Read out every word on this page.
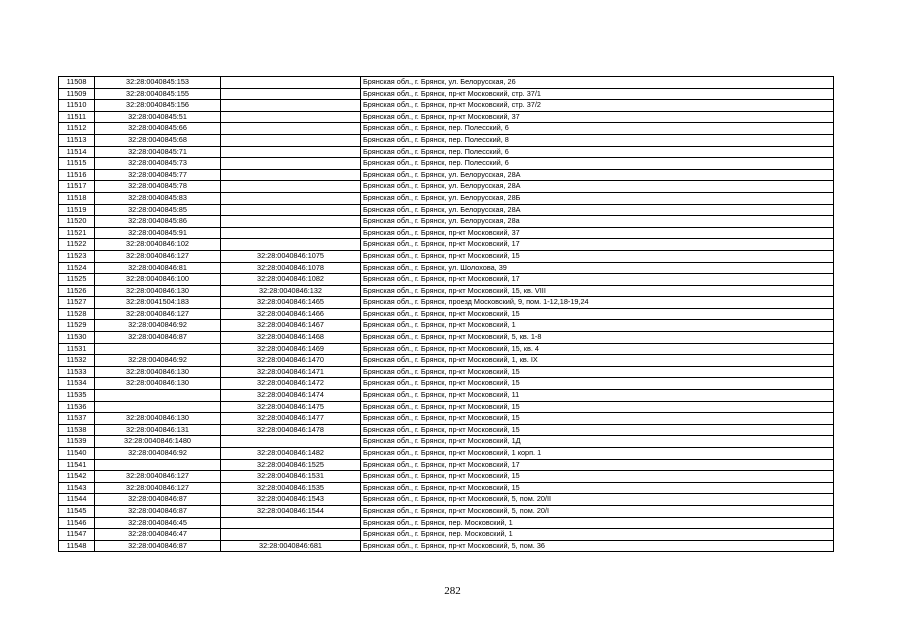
11508	32:28:0040845:153		Брянская обл., г. Брянск, ул. Белорусская, 26
11509	32:28:0040845:155		Брянская обл., г. Брянск, пр-кт Московский, стр. 37/1
11510	32:28:0040845:156		Брянская обл., г. Брянск, пр-кт Московский, стр. 37/2
11511	32:28:0040845:51		Брянская обл., г. Брянск, пр-кт Московский, 37
11512	32:28:0040845:66		Брянская обл., г. Брянск, пер. Полесский, 6
11513	32:28:0040845:68		Брянская обл., г. Брянск, пер. Полесский, 8
11514	32:28:0040845:71		Брянская обл., г. Брянск, пер. Полесский, 6
11515	32:28:0040845:73		Брянская обл., г. Брянск, пер. Полесский, 6
11516	32:28:0040845:77		Брянская обл., г. Брянск, ул. Белорусская, 28А
11517	32:28:0040845:78		Брянская обл., г. Брянск, ул. Белорусская, 28А
11518	32:28:0040845:83		Брянская обл., г. Брянск, ул. Белорусская, 28Б
11519	32:28:0040845:85		Брянская обл., г. Брянск, ул. Белорусская, 28А
11520	32:28:0040845:86		Брянская обл., г. Брянск, ул. Белорусская, 28а
11521	32:28:0040845:91		Брянская обл., г. Брянск, пр-кт Московский, 37
11522	32:28:0040846:102		Брянская обл., г. Брянск, пр-кт Московский, 17
11523	32:28:0040846:127	32:28:0040846:1075	Брянская обл., г. Брянск, пр-кт Московский, 15
11524	32:28:0040846:81	32:28:0040846:1078	Брянская обл., г. Брянск, ул. Шолохова, 39
11525	32:28:0040846:100	32:28:0040846:1082	Брянская обл., г. Брянск, пр-кт Московский, 17
11526	32:28:0040846:130	32:28:0040846:132	Брянская обл., г. Брянск, пр-кт Московский, 15, кв. VIII
11527	32:28:0041504:183	32:28:0040846:1465	Брянская обл., г. Брянск, проезд Московский, 9, пом. 1-12,18-19,24
11528	32:28:0040846:127	32:28:0040846:1466	Брянская обл., г. Брянск, пр-кт Московский, 15
11529	32:28:0040846:92	32:28:0040846:1467	Брянская обл., г. Брянск, пр-кт Московский, 1
11530	32:28:0040846:87	32:28:0040846:1468	Брянская обл., г. Брянск, пр-кт Московский, 5, кв. 1-8
11531		32:28:0040846:1469	Брянская обл., г. Брянск, пр-кт Московский, 15, кв. 4
11532	32:28:0040846:92	32:28:0040846:1470	Брянская обл., г. Брянск, пр-кт Московский, 1, кв. IX
11533	32:28:0040846:130	32:28:0040846:1471	Брянская обл., г. Брянск, пр-кт Московский, 15
11534	32:28:0040846:130	32:28:0040846:1472	Брянская обл., г. Брянск, пр-кт Московский, 15
11535		32:28:0040846:1474	Брянская обл., г. Брянск, пр-кт Московский, 11
11536		32:28:0040846:1475	Брянская обл., г. Брянск, пр-кт Московский, 15
11537	32:28:0040846:130	32:28:0040846:1477	Брянская обл., г. Брянск, пр-кт Московский, 15
11538	32:28:0040846:131	32:28:0040846:1478	Брянская обл., г. Брянск, пр-кт Московский, 15
11539	32:28:0040846:1480		Брянская обл., г. Брянск, пр-кт Московский, 1Д
11540	32:28:0040846:92	32:28:0040846:1482	Брянская обл., г. Брянск, пр-кт Московский, 1 корп. 1
11541		32:28:0040846:1525	Брянская обл., г. Брянск, пр-кт Московский, 17
11542	32:28:0040846:127	32:28:0040846:1531	Брянская обл., г. Брянск, пр-кт Московский, 15
11543	32:28:0040846:127	32:28:0040846:1535	Брянская обл., г. Брянск, пр-кт Московский, 15
11544	32:28:0040846:87	32:28:0040846:1543	Брянская обл., г. Брянск, пр-кт Московский, 5, пом. 20/II
11545	32:28:0040846:87	32:28:0040846:1544	Брянская обл., г. Брянск, пр-кт Московский, 5, пом. 20/I
11546	32:28:0040846:45		Брянская обл., г. Брянск, пер. Московский, 1
11547	32:28:0040846:47		Брянская обл., г. Брянск, пер. Московский, 1
11548	32:28:0040846:87	32:28:0040846:681	Брянская обл., г. Брянск, пр-кт Московский, 5, пом. 36
282
